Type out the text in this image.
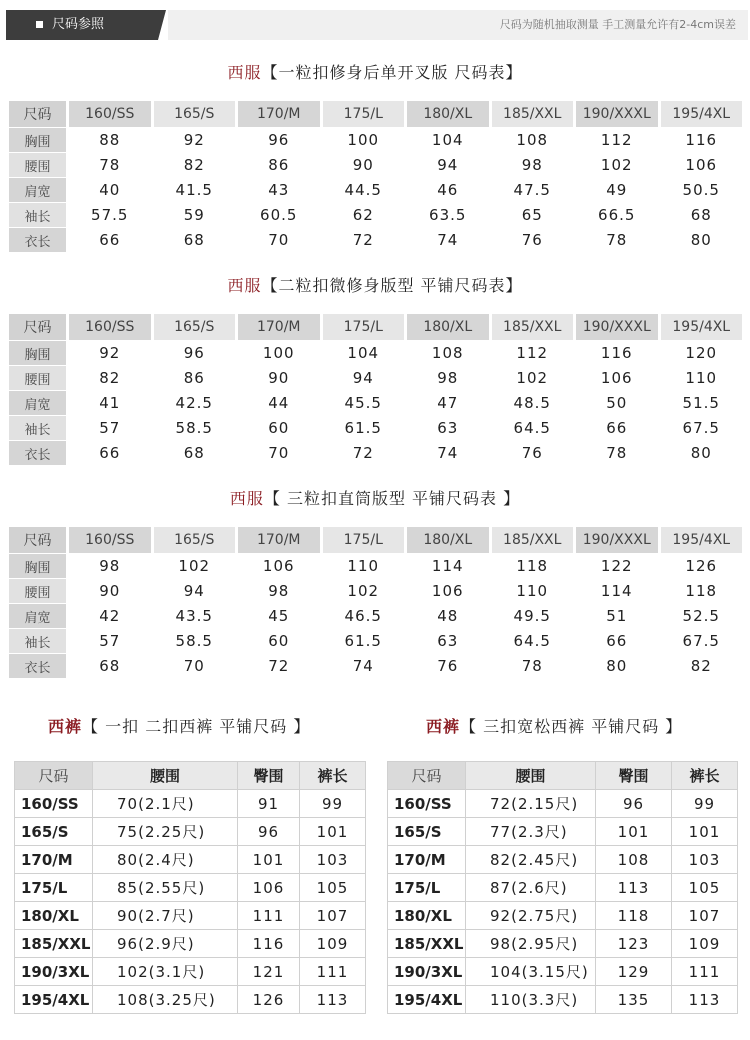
尺码参照	尺码为随机抽取测量 手工测量允许有2-4cm误差
西服【一粒扣修身后单开叉版 尺码表】
尺码	160/SS	165/S	170/M	175/L	180/XL	185/XXL	190/XXXL	195/4XL
胸围	88	92	96	100	104	108	112	116
腰围	78	82	86	90	94	98	102	106
肩宽	40	41.5	43	44.5	46	47.5	49	50.5
袖长	57.5	59	60.5	62	63.5	65	66.5	68
衣长	66	68	70	72	74	76	78	80
西服【二粒扣微修身版型 平铺尺码表】
尺码	160/SS	165/S	170/M	175/L	180/XL	185/XXL	190/XXXL	195/4XL
胸围	92	96	100	104	108	112	116	120
腰围	82	86	90	94	98	102	106	110
肩宽	41	42.5	44	45.5	47	48.5	50	51.5
袖长	57	58.5	60	61.5	63	64.5	66	67.5
衣长	66	68	70	72	74	76	78	80
西服【 三粒扣直筒版型 平铺尺码表 】
尺码	160/SS	165/S	170/M	175/L	180/XL	185/XXL	190/XXXL	195/4XL
胸围	98	102	106	110	114	118	122	126
腰围	90	94	98	102	106	110	114	118
肩宽	42	43.5	45	46.5	48	49.5	51	52.5
袖长	57	58.5	60	61.5	63	64.5	66	67.5
衣长	68	70	72	74	76	78	80	82
西裤【 一扣 二扣西裤 平铺尺码 】
尺码	腰围	臀围	裤长
160/SS	70(2.1尺)	91	99
165/S	75(2.25尺)	96	101
170/M	80(2.4尺)	101	103
175/L	85(2.55尺)	106	105
180/XL	90(2.7尺)	111	107
185/XXL	96(2.9尺)	116	109
190/3XL	102(3.1尺)	121	111
195/4XL	108(3.25尺)	126	113
西裤【 三扣宽松西裤 平铺尺码 】
尺码	腰围	臀围	裤长
160/SS	72(2.15尺)	96	99
165/S	77(2.3尺)	101	101
170/M	82(2.45尺)	108	103
175/L	87(2.6尺)	113	105
180/XL	92(2.75尺)	118	107
185/XXL	98(2.95尺)	123	109
190/3XL	104(3.15尺)	129	111
195/4XL	110(3.3尺)	135	113
